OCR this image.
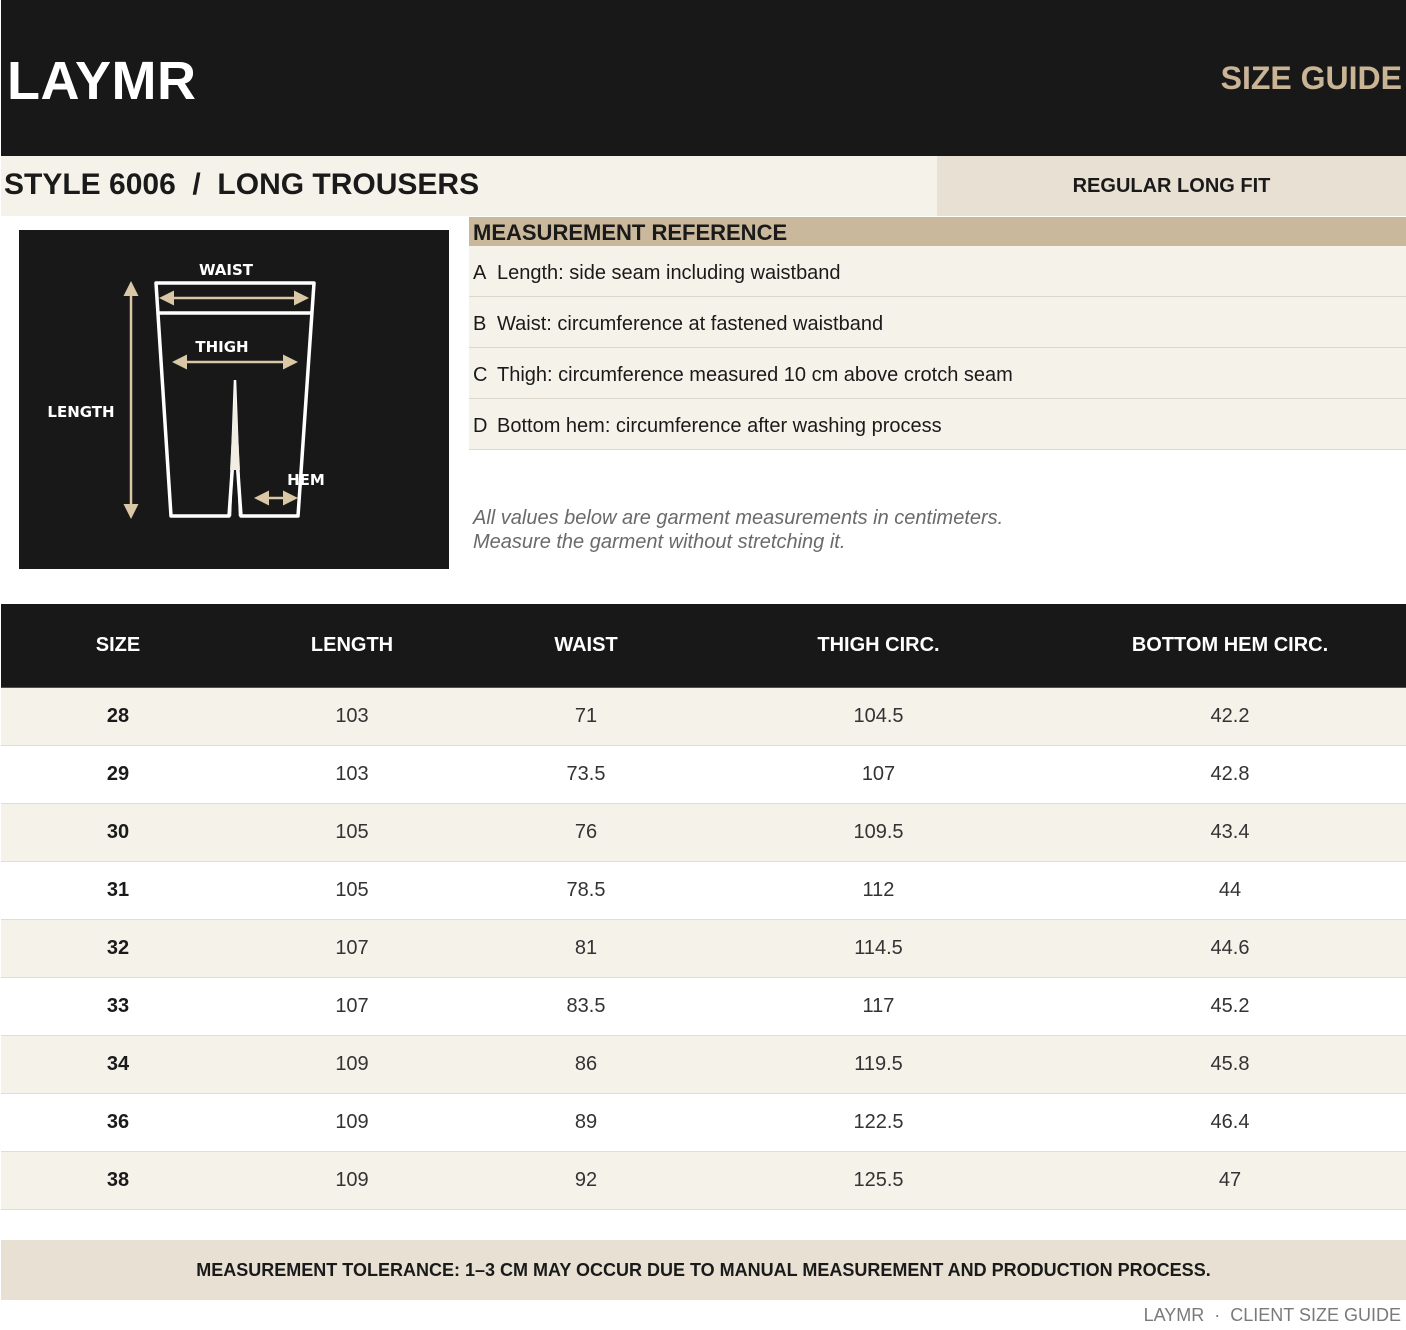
LAYMR	SIZE GUIDE
STYLE 6006  /  LONG TROUSERS	REGULAR LONG FIT
WAIST
THIGH
LENGTH
HEM
MEASUREMENT REFERENCE
A Length: side seam including waistband
B Waist: circumference at fastened waistband
C Thigh: circumference measured 10 cm above crotch seam
D Bottom hem: circumference after washing process
All values below are garment measurements in centimeters.
Measure the garment without stretching it.
SIZE	LENGTH	WAIST	THIGH CIRC.	BOTTOM HEM CIRC.
28	103	71	104.5	42.2
29	103	73.5	107	42.8
30	105	76	109.5	43.4
31	105	78.5	112	44
32	107	81	114.5	44.6
33	107	83.5	117	45.2
34	109	86	119.5	45.8
36	109	89	122.5	46.4
38	109	92	125.5	47
MEASUREMENT TOLERANCE: 1–3 CM MAY OCCUR DUE TO MANUAL MEASUREMENT AND PRODUCTION PROCESS.
LAYMR  ·  CLIENT SIZE GUIDE
